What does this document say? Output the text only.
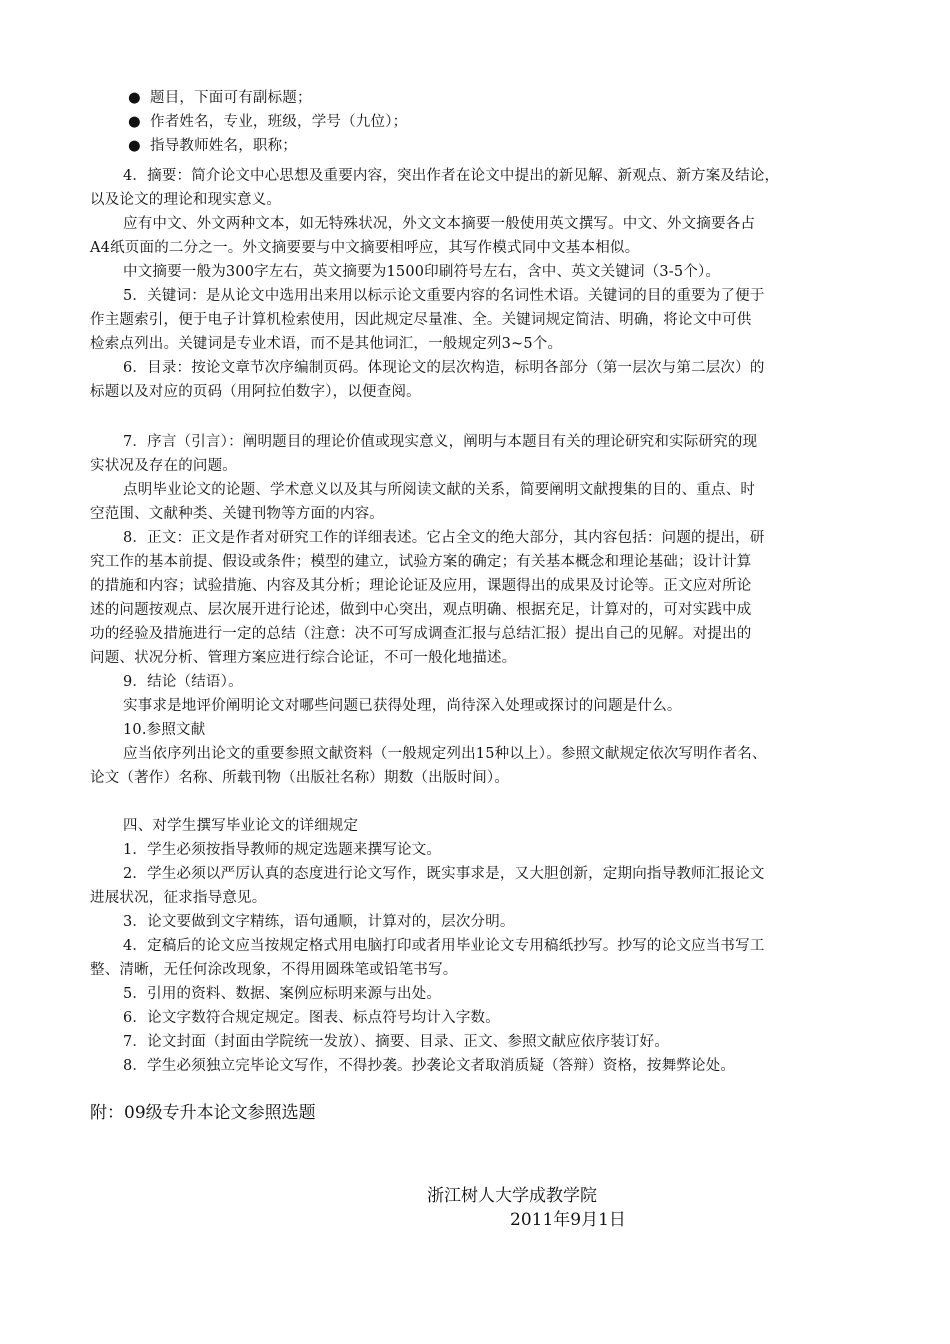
● 题目，下面可有副标题；
● 作者姓名，专业，班级，学号（九位）；
● 指导教师姓名，职称；
4．摘要：简介论文中心思想及重要内容，突出作者在论文中提出的新见解、新观点、新方案及结论，
以及论文的理论和现实意义。
应有中文、外文两种文本，如无特殊状况，外文文本摘要一般使用英文撰写。中文、外文摘要各占
A4纸页面的二分之一。外文摘要要与中文摘要相呼应，其写作模式同中文基本相似。
中文摘要一般为300字左右，英文摘要为1500印刷符号左右，含中、英文关键词（3-5个）。
5．关键词：是从论文中选用出来用以标示论文重要内容的名词性术语。关键词的目的重要为了便于
作主题索引，便于电子计算机检索使用，因此规定尽量准、全。关键词规定简洁、明确，将论文中可供
检索点列出。关键词是专业术语，而不是其他词汇，一般规定列3~5个。
6．目录：按论文章节次序编制页码。体现论文的层次构造，标明各部分（第一层次与第二层次）的
标题以及对应的页码（用阿拉伯数字），以便查阅。
7．序言（引言）：阐明题目的理论价值或现实意义，阐明与本题目有关的理论研究和实际研究的现
实状况及存在的问题。
点明毕业论文的论题、学术意义以及其与所阅读文献的关系，简要阐明文献搜集的目的、重点、时
空范围、文献种类、关键刊物等方面的内容。
8．正文：正文是作者对研究工作的详细表述。它占全文的绝大部分，其内容包括：问题的提出，研
究工作的基本前提、假设或条件；模型的建立，试验方案的确定；有关基本概念和理论基础；设计计算
的措施和内容；试验措施、内容及其分析；理论论证及应用，课题得出的成果及讨论等。正文应对所论
述的问题按观点、层次展开进行论述，做到中心突出，观点明确、根据充足，计算对的，可对实践中成
功的经验及措施进行一定的总结（注意：决不可写成调查汇报与总结汇报）提出自己的见解。对提出的
问题、状况分析、管理方案应进行综合论证，不可一般化地描述。
9．结论（结语）。
实事求是地评价阐明论文对哪些问题已获得处理，尚待深入处理或探讨的问题是什么。
10.参照文献
应当依序列出论文的重要参照文献资料（一般规定列出15种以上）。参照文献规定依次写明作者名、
论文（著作）名称、所载刊物（出版社名称）期数（出版时间）。
四、对学生撰写毕业论文的详细规定
1．学生必须按指导教师的规定选题来撰写论文。
2．学生必须以严厉认真的态度进行论文写作，既实事求是，又大胆创新，定期向指导教师汇报论文
进展状况，征求指导意见。
3．论文要做到文字精练，语句通顺，计算对的，层次分明。
4．定稿后的论文应当按规定格式用电脑打印或者用毕业论文专用稿纸抄写。抄写的论文应当书写工
整、清晰，无任何涂改现象，不得用圆珠笔或铅笔书写。
5．引用的资料、数据、案例应标明来源与出处。
6．论文字数符合规定规定。图表、标点符号均计入字数。
7．论文封面（封面由学院统一发放）、摘要、目录、正文、参照文献应依序装订好。
8．学生必须独立完毕论文写作，不得抄袭。抄袭论文者取消质疑（答辩）资格，按舞弊论处。
附：09级专升本论文参照选题
浙江树人大学成教学院
2011年9月1日
